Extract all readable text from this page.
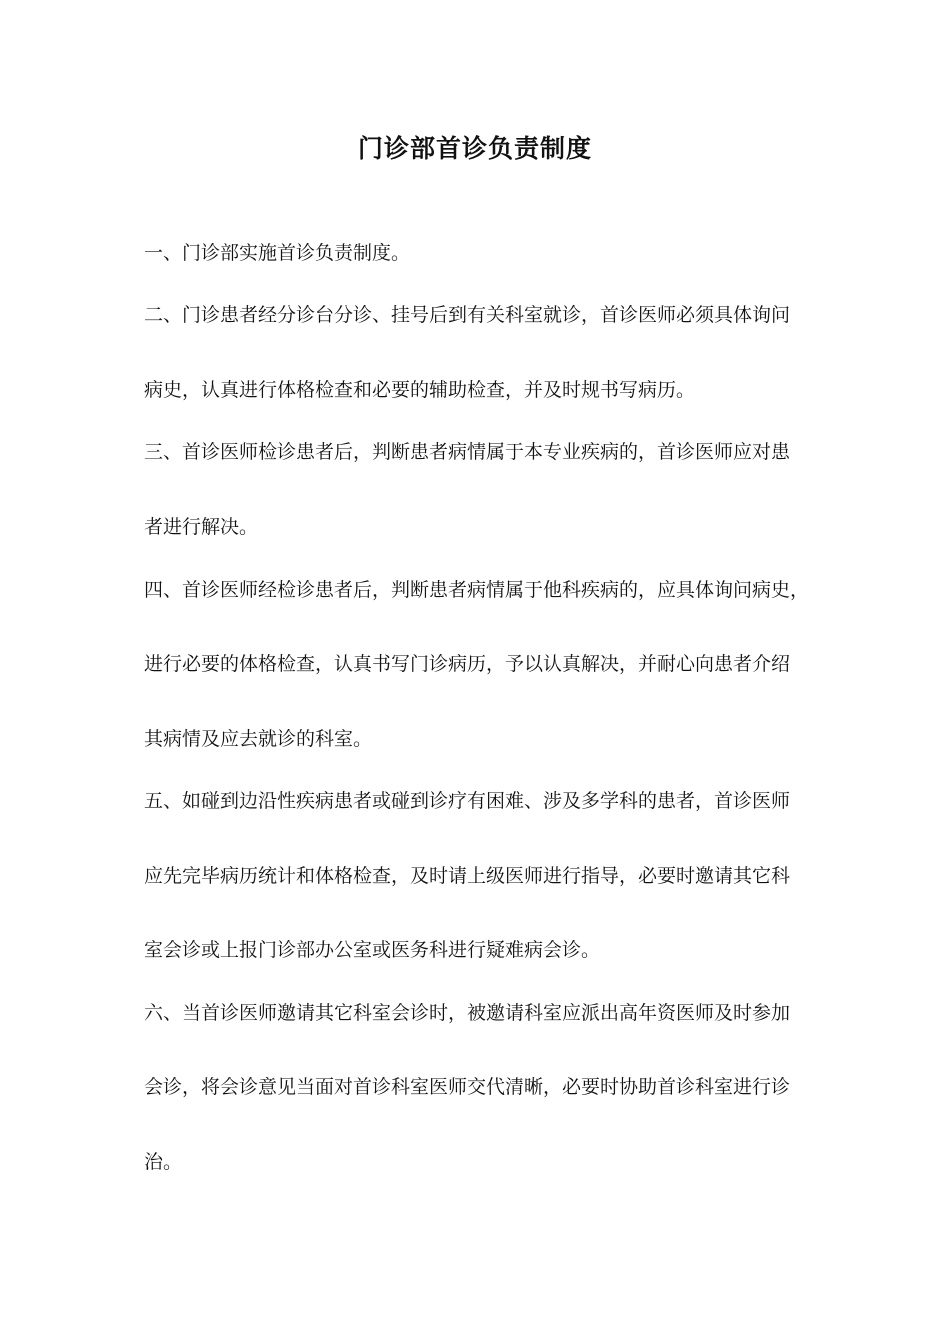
门诊部首诊负责制度
一、门诊部实施首诊负责制度。
二、门诊患者经分诊台分诊、挂号后到有关科室就诊，首诊医师必须具体询问
病史，认真进行体格检查和必要的辅助检查，并及时规书写病历。
三、首诊医师检诊患者后，判断患者病情属于本专业疾病的，首诊医师应对患
者进行解决。
四、首诊医师经检诊患者后，判断患者病情属于他科疾病的，应具体询问病史，
进行必要的体格检查，认真书写门诊病历，予以认真解决，并耐心向患者介绍
其病情及应去就诊的科室。
五、如碰到边沿性疾病患者或碰到诊疗有困难、涉及多学科的患者，首诊医师
应先完毕病历统计和体格检查，及时请上级医师进行指导，必要时邀请其它科
室会诊或上报门诊部办公室或医务科进行疑难病会诊。
六、当首诊医师邀请其它科室会诊时，被邀请科室应派出高年资医师及时参加
会诊，将会诊意见当面对首诊科室医师交代清晰，必要时协助首诊科室进行诊
治。
